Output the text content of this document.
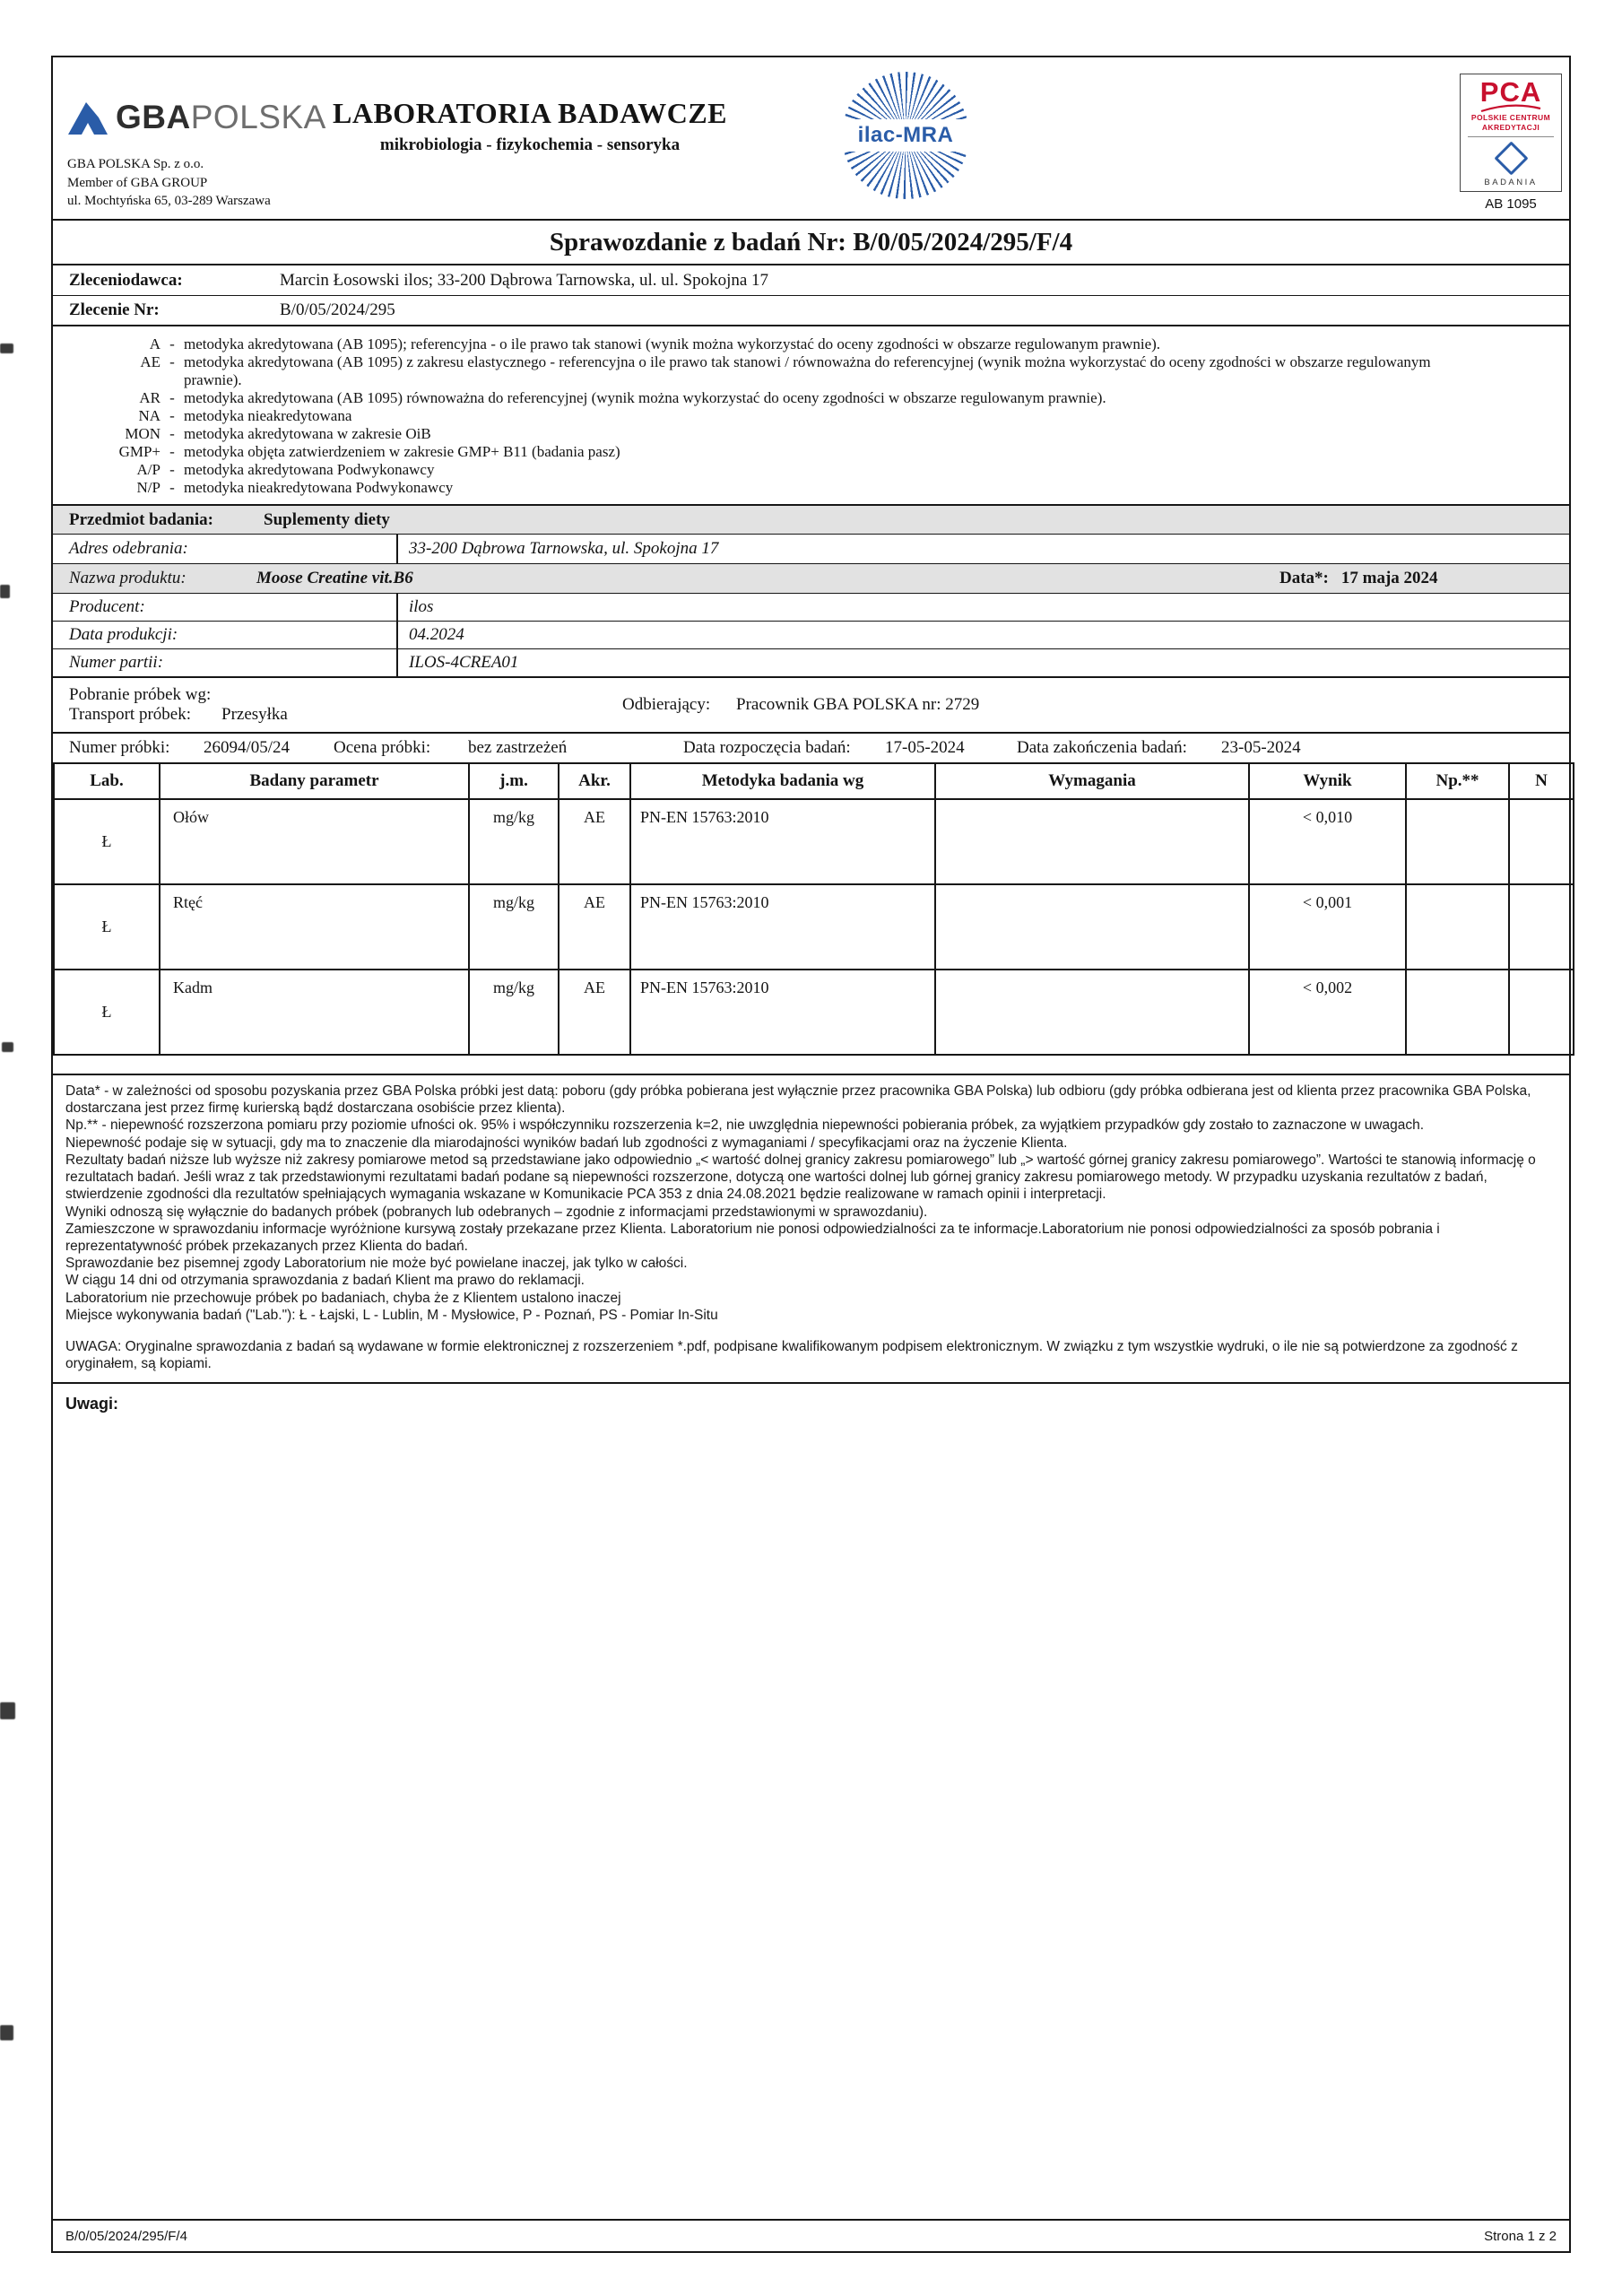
GBAPOLSKA
GBA POLSKA Sp. z o.o.
Member of GBA GROUP
ul. Mochtyńska 65, 03-289 Warszawa
LABORATORIA BADAWCZE
mikrobiologia - fizykochemia - sensoryka	ilac-MRA
PCA
POLSKIE CENTRUM
AKREDYTACJI
BADANIA
AB 1095
Sprawozdanie z badań Nr: B/0/05/2024/295/F/4
Zleceniodawca:	Marcin Łosowski ilos; 33-200 Dąbrowa Tarnowska, ul. ul. Spokojna 17
Zlecenie Nr:	B/0/05/2024/295
A - metodyka akredytowana (AB 1095); referencyjna - o ile prawo tak stanowi (wynik można wykorzystać do oceny zgodności w obszarze regulowanym prawnie).
AE - metodyka akredytowana (AB 1095) z zakresu elastycznego - referencyjna o ile prawo tak stanowi / równoważna do referencyjnej (wynik można wykorzystać do oceny zgodności w obszarze regulowanym prawnie).
AR - metodyka akredytowana (AB 1095) równoważna do referencyjnej (wynik można wykorzystać do oceny zgodności w obszarze regulowanym prawnie).
NA - metodyka nieakredytowana
MON - metodyka akredytowana w zakresie OiB
GMP+ - metodyka objęta zatwierdzeniem w zakresie GMP+ B11 (badania pasz)
A/P - metodyka akredytowana Podwykonawcy
N/P - metodyka nieakredytowana Podwykonawcy
Przedmiot badania:	Suplementy diety
Adres odebrania:	33-200 Dąbrowa Tarnowska, ul. Spokojna 17
Nazwa produktu:	Moose Creatine vit.B6	Data*: 17 maja 2024
Producent:	ilos
Data produkcji:	04.2024
Numer partii:	ILOS-4CREA01
Pobranie próbek wg:
Transport próbek: Przesyłka
Odbierający: Pracownik GBA POLSKA nr: 2729
Numer próbki: 26094/05/24	Ocena próbki: bez zastrzeżeń	Data rozpoczęcia badań: 17-05-2024	Data zakończenia badań: 23-05-2024
Lab.	Badany parametr	j.m.	Akr.	Metodyka badania wg	Wymagania	Wynik	Np.**	N
Ł	Ołów	mg/kg	AE	PN-EN 15763:2010		< 0,010		
Ł	Rtęć	mg/kg	AE	PN-EN 15763:2010		< 0,001		
Ł	Kadm	mg/kg	AE	PN-EN 15763:2010		< 0,002		

Data* - w zależności od sposobu pozyskania przez GBA Polska próbki jest datą: poboru (gdy próbka pobierana jest wyłącznie przez pracownika GBA Polska) lub odbioru (gdy próbka odbierana jest od klienta przez pracownika GBA Polska, dostarczana jest przez firmę kurierską bądź dostarczana osobiście przez klienta).

Np.** - niepewność rozszerzona pomiaru przy poziomie ufności ok. 95% i współczynniku rozszerzenia k=2, nie uwzględnia niepewności pobierania próbek, za wyjątkiem przypadków gdy zostało to zaznaczone w uwagach.

Niepewność podaje się w sytuacji, gdy ma to znaczenie dla miarodajności wyników badań lub zgodności z wymaganiami / specyfikacjami oraz na życzenie Klienta.

Rezultaty badań niższe lub wyższe niż zakresy pomiarowe metod są przedstawiane jako odpowiednio „< wartość dolnej granicy zakresu pomiarowego” lub „> wartość górnej granicy zakresu pomiarowego”. Wartości te stanowią informację o rezultatach badań. Jeśli wraz z tak przedstawionymi rezultatami badań podane są niepewności rozszerzone, dotyczą one wartości dolnej lub górnej granicy zakresu pomiarowego metody. W przypadku uzyskania rezultatów z badań, stwierdzenie zgodności dla rezultatów spełniających wymagania wskazane w Komunikacie PCA 353 z dnia 24.08.2021 będzie realizowane w ramach opinii i interpretacji.

Wyniki odnoszą się wyłącznie do badanych próbek (pobranych lub odebranych – zgodnie z informacjami przedstawionymi w sprawozdaniu).

Zamieszczone w sprawozdaniu informacje wyróżnione kursywą zostały przekazane przez Klienta. Laboratorium nie ponosi odpowiedzialności za te informacje.Laboratorium nie ponosi odpowiedzialności za sposób pobrania i reprezentatywność próbek przekazanych przez Klienta do badań.

Sprawozdanie bez pisemnej zgody Laboratorium nie może być powielane inaczej, jak tylko w całości.

W ciągu 14 dni od otrzymania sprawozdania z badań Klient ma prawo do reklamacji.

Laboratorium nie przechowuje próbek po badaniach, chyba że z Klientem ustalono inaczej

Miejsce wykonywania badań ("Lab."): Ł - Łajski, L - Lublin, M - Mysłowice, P - Poznań, PS - Pomiar In-Situ

UWAGA: Oryginalne sprawozdania z badań są wydawane w formie elektronicznej z rozszerzeniem *.pdf, podpisane kwalifikowanym podpisem elektronicznym. W związku z tym wszystkie wydruki, o ile nie są potwierdzone za zgodność z oryginałem, są kopiami.

Uwagi:
B/0/05/2024/295/F/4	Strona 1 z 2
